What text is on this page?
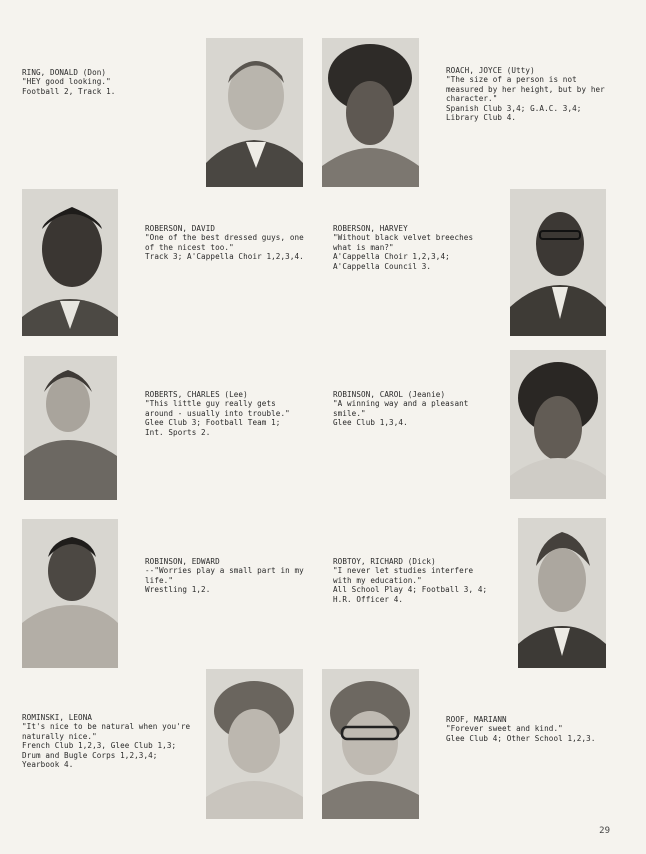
RING, DONALD (Don)
"HEY good looking."
Football 2, Track 1.
ROACH, JOYCE (Utty)
"The size of a person is not measured by her height, but by her character."
Spanish Club 3,4; G.A.C. 3,4; Library Club 4.
ROBERSON, DAVID
"One of the best dressed guys, one of the nicest too."
Track 3; A'Cappella Choir 1,2,3,4.
ROBERSON, HARVEY
"Without black velvet breeches what is man?"
A'Cappella Choir 1,2,3,4; A'Cappella Council 3.
ROBERTS, CHARLES (Lee)
"This little guy really gets around - usually into trouble."
Glee Club 3; Football Team 1; Int. Sports 2.
ROBINSON, CAROL (Jeanie)
"A winning way and a pleasant smile."
Glee Club 1,3,4.
ROBINSON, EDWARD
--"Worries play a small part in my life."
Wrestling 1,2.
ROBTOY, RICHARD (Dick)
"I never let studies interfere with my education."
All School Play 4; Football 3, 4; H.R. Officer 4.
ROMINSKI, LEONA
"It's nice to be natural when you're naturally nice."
French Club 1,2,3, Glee Club 1,3; Drum and Bugle Corps 1,2,3,4; Yearbook 4.
ROOF, MARIANN
"Forever sweet and kind."
Glee Club 4; Other School 1,2,3.
29
